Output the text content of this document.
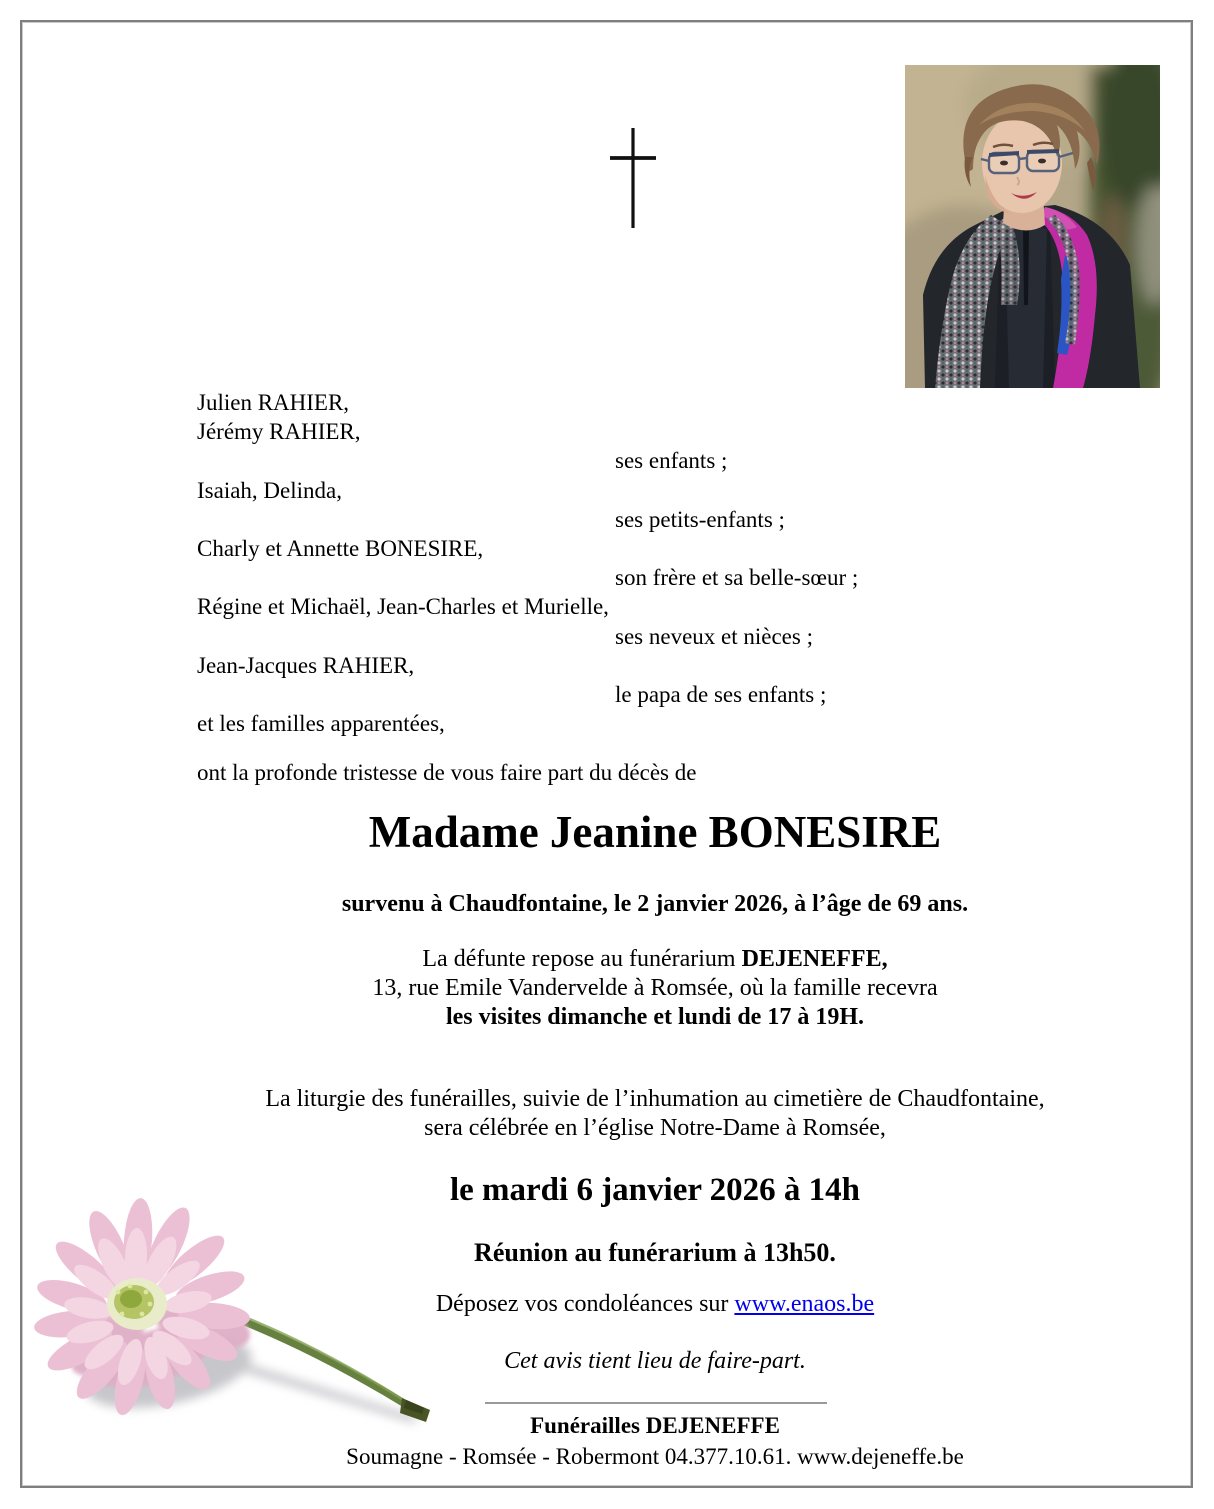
Julien RAHIER,
Jérémy RAHIER,
ses enfants ;
Isaiah, Delinda,
ses petits-enfants ;
Charly et Annette BONESIRE,
son frère et sa belle-sœur ;
Régine et Michaël, Jean-Charles et Murielle,
ses neveux et nièces ;
Jean-Jacques RAHIER,
le papa de ses enfants ;
et les familles apparentées,
ont la profonde tristesse de vous faire part du décès de
Madame Jeanine BONESIRE
survenu à Chaudfontaine, le 2 janvier 2026, à l’âge de 69 ans.
La défunte repose au funérarium DEJENEFFE,
13, rue Emile Vandervelde à Romsée, où la famille recevra
les visites dimanche et lundi de 17 à 19H.
La liturgie des funérailles, suivie de l’inhumation au cimetière de Chaudfontaine,
sera célébrée en l’église Notre-Dame à Romsée,
le mardi 6 janvier 2026 à 14h
Réunion au funérarium à 13h50.
Déposez vos condoléances sur www.enaos.be
Cet avis tient lieu de faire-part.
Funérailles DEJENEFFE
Soumagne - Romsée - Robermont 04.377.10.61. www.dejeneffe.be
